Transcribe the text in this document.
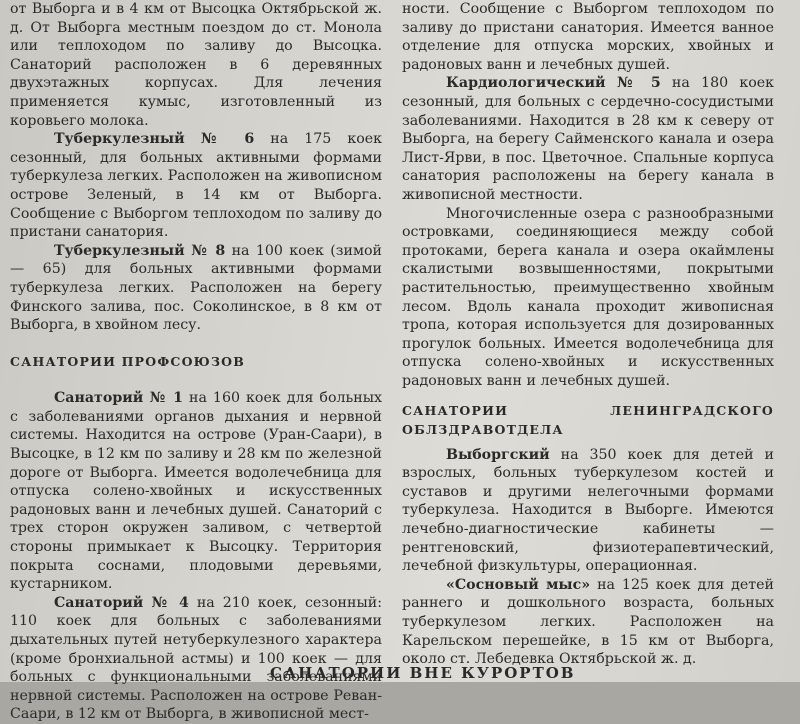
от Выборга и в 4 км от Высоцка Октябрьской ж. д. От Выборга местным поездом до ст. Монола или теплоходом по заливу до Высоцка. Санаторий расположен в 6 деревянных двухэтажных корпусах. Для лечения применяется кумыс, изготовленный из коровьего молока.

Туберкулезный № 6 на 175 коек сезонный, для больных активными формами туберкулеза легких. Расположен на живописном острове Зеленый, в 14 км от Выборга. Сообщение с Выборгом теплоходом по заливу до пристани санатория.

Туберкулезный № 8 на 100 коек (зимой — 65) для больных активными формами туберкулеза легких. Расположен на берегу Финского залива, пос. Соколинское, в 8 км от Выборга, в хвойном лесу.

САНАТОРИИ ПРОФСОЮЗОВ

Санаторий № 1 на 160 коек для больных с заболеваниями органов дыхания и нервной системы. Находится на острове (Уран-Саари), в Высоцке, в 12 км по заливу и 28 км по железной дороге от Выборга. Имеется водолечебница для отпуска солено-хвойных и искусственных радоновых ванн и лечебных душей. Санаторий с трех сторон окружен заливом, с четвертой стороны примыкает к Высоцку. Территория покрыта соснами, плодовыми деревьями, кустарником.

Санаторий № 4 на 210 коек, сезонный: 110 коек для больных с заболеваниями дыхательных путей нетуберкулезного характера (кроме бронхиальной астмы) и 100 коек — для больных с функциональными заболеваниями нервной системы. Расположен на острове Реван-Саари, в 12 км от Выборга, в живописной мест-

ности. Сообщение с Выборгом теплоходом по заливу до пристани санатория. Имеется ванное отделение для отпуска морских, хвойных и радоновых ванн и лечебных душей.

Кардиологический № 5 на 180 коек сезонный, для больных с сердечно-сосудистыми заболеваниями. Находится в 28 км к северу от Выборга, на берегу Сайменского канала и озера Лист-Ярви, в пос. Цветочное. Спальные корпуса санатория расположены на берегу канала в живописной местности.

Многочисленные озера с разнообразными островками, соединяющиеся между собой протоками, берега канала и озера окаймлены скалистыми возвышенностями, покрытыми растительностью, преимущественно хвойным лесом. Вдоль канала проходит живописная тропа, которая используется для дозированных прогулок больных. Имеется водолечебница для отпуска солено-хвойных и искусственных радоновых ванн и лечебных душей.

САНАТОРИИ ЛЕНИНГРАДСКОГО ОБЛЗДРАВОТДЕЛА

Выборгский на 350 коек для детей и взрослых, больных туберкулезом костей и суставов и другими нелегочными формами туберкулеза. Находится в Выборге. Имеются лечебно-диагностические кабинеты — рентгеновский, физиотерапевтический, лечебной физкультуры, операционная.

«Сосновый мыс» на 125 коек для детей раннего и дошкольного возраста, больных туберкулезом легких. Расположен на Карельском перешейке, в 15 км от Выборга, около ст. Лебедевка Октябрьской ж. д.

САНАТОРИИ ВНЕ КУРОРТОВ
